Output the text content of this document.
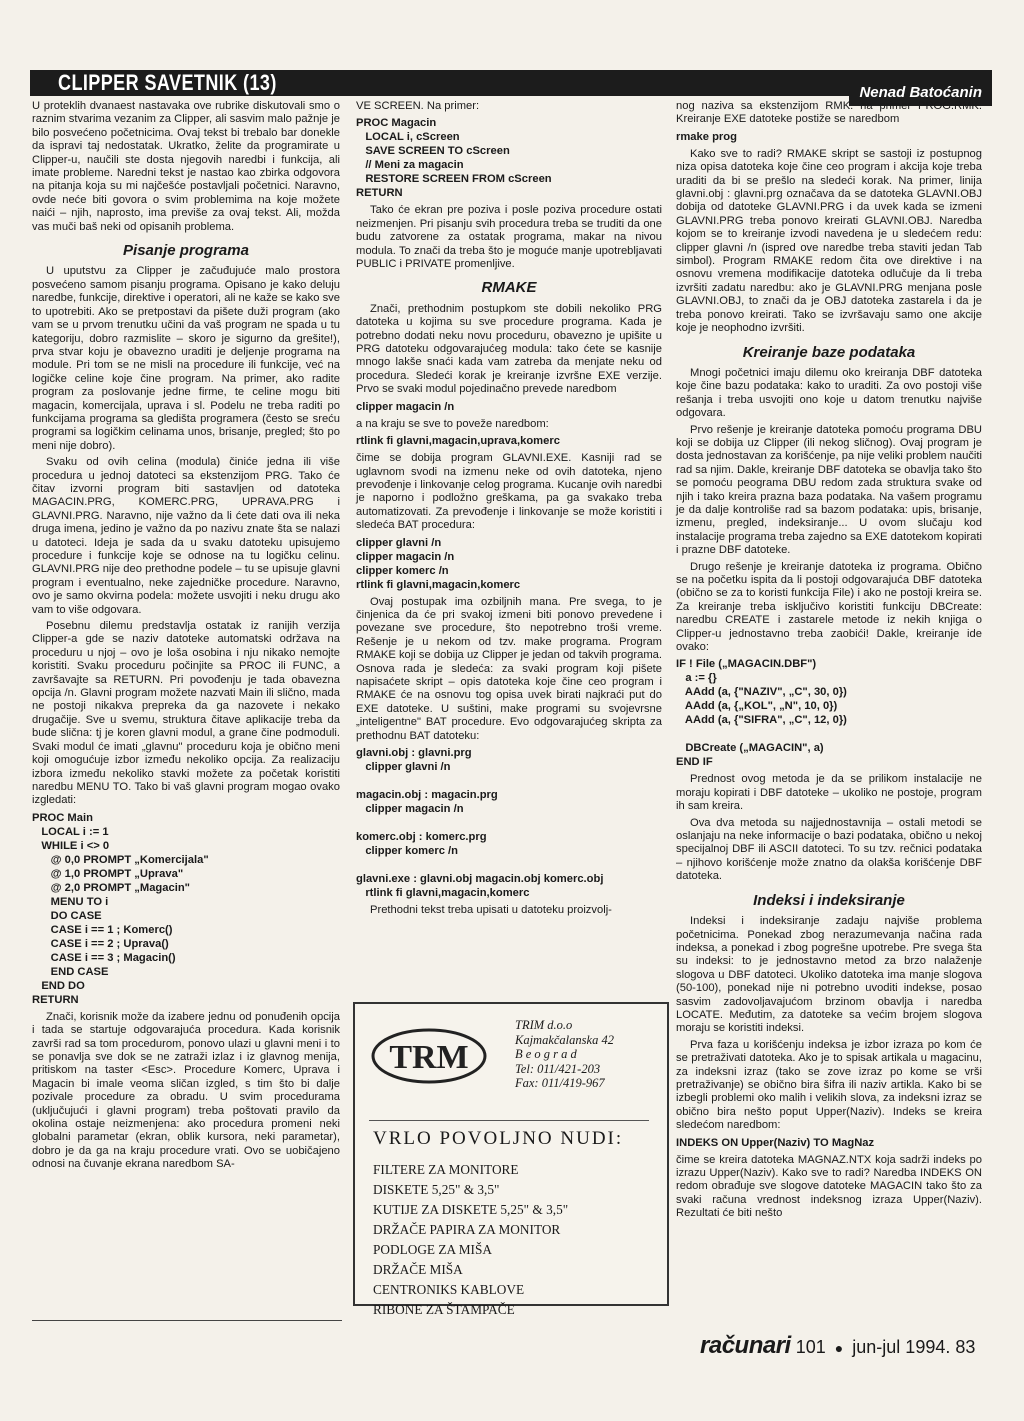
CLIPPER SAVETNIK (13)	Nenad Batoćanin

U proteklih dvanaest nastavaka ove rubrike diskutovali smo o raznim stvarima vezanim za Clipper, ali sasvim malo pažnje je bilo posvećeno početnicima. Ovaj tekst bi trebalo bar donekle da ispravi taj nedostatak. Ukratko, želite da programirate u Clipper-u, naučili ste dosta njegovih naredbi i funkcija, ali imate probleme. Naredni tekst je nastao kao zbirka odgovora na pitanja koja su mi najčešće postavljali početnici. Naravno, ovde neće biti govora o svim problemima na koje možete naići – njih, naprosto, ima previše za ovaj tekst. Ali, možda vas muči baš neki od opisanih problema.

Pisanje programa

U uputstvu za Clipper je začuđujuće malo prostora posvećeno samom pisanju programa. Opisano je kako deluju naredbe, funkcije, direktive i operatori, ali ne kaže se kako sve to upotrebiti. Ako se pretpostavi da pišete duži program (ako vam se u prvom trenutku učini da vaš program ne spada u tu kategoriju, dobro razmislite – skoro je sigurno da grešite!), prva stvar koju je obavezno uraditi je deljenje programa na module. Pri tom se ne misli na procedure ili funkcije, već na logičke celine koje čine program. Na primer, ako radite program za poslovanje jedne firme, te celine mogu biti magacin, komercijala, uprava i sl. Podelu ne treba raditi po funkcijama programa sa gledišta programera (često se sreću programi sa logičkim celinama unos, brisanje, pregled; što po meni nije dobro).

Svaku od ovih celina (modula) činiće jedna ili više procedura u jednoj datoteci sa ekstenzijom PRG. Tako će čitav izvorni program biti sastavljen od datoteka MAGACIN.PRG, KOMERC.PRG, UPRAVA.PRG i GLAVNI.PRG. Naravno, nije važno da li ćete dati ova ili neka druga imena, jedino je važno da po nazivu znate šta se nalazi u datoteci. Ideja je sada da u svaku datoteku upisujemo procedure i funkcije koje se odnose na tu logičku celinu. GLAVNI.PRG nije deo prethodne podele – tu se upisuje glavni program i eventualno, neke zajedničke procedure. Naravno, ovo je samo okvirna podela: možete usvojiti i neku drugu ako vam to više odgovara.

Posebnu dilemu predstavlja ostatak iz ranijih verzija Clipper-a gde se naziv datoteke automatski održava na proceduru u njoj – ovo je loša osobina i nju nikako nemojte koristiti. Svaku proceduru počinjite sa PROC ili FUNC, a završavajte sa RETURN. Pri povođenju je tada obavezna opcija /n. Glavni program možete nazvati Main ili slično, mada ne postoji nikakva prepreka da ga nazovete i nekako drugačije. Sve u svemu, struktura čitave aplikacije treba da bude slična: tj je koren glavni modul, a grane čine podmoduli. Svaki modul će imati „glavnu" proceduru koja je obično meni koji omogućuje izbor između nekoliko opcija. Za realizaciju izbora između nekoliko stavki možete za početak koristiti naredbu MENU TO. Tako bi vaš glavni program mogao ovako izgledati:

PROC Main
LOCAL i := 1
WHILE i <> 0
@ 0,0 PROMPT „Komercijala"
@ 1,0 PROMPT „Uprava"
@ 2,0 PROMPT „Magacin"
MENU TO i
DO CASE
CASE i == 1 ; Komerc()
CASE i == 2 ; Uprava()
CASE i == 3 ; Magacin()
END CASE
END DO
RETURN

Znači, korisnik može da izabere jednu od ponuđenih opcija i tada se startuje odgovarajuća procedura. Kada korisnik završi rad sa tom procedurom, ponovo ulazi u glavni meni i to se ponavlja sve dok se ne zatraži izlaz i iz glavnog menija, pritiskom na taster <Esc>. Procedure Komerc, Uprava i Magacin bi imale veoma sličan izgled, s tim što bi dalje pozivale procedure za obradu. U svim procedurama (uključujući i glavni program) treba poštovati pravilo da okolina ostaje neizmenjena: ako procedura promeni neki globalni parametar (ekran, oblik kursora, neki parametar), dobro je da ga na kraju procedure vrati. Ovo se uobičajeno odnosi na čuvanje ekrana naredbom SA-

VE SCREEN. Na primer:

PROC Magacin
LOCAL i, cScreen
SAVE SCREEN TO cScreen
// Meni za magacin
RESTORE SCREEN FROM cScreen
RETURN

Tako će ekran pre poziva i posle poziva procedure ostati neizmenjen. Pri pisanju svih procedura treba se truditi da one budu zatvorene za ostatak programa, makar na nivou modula. To znači da treba što je moguće manje upotrebljavati PUBLIC i PRIVATE promenljive.

RMAKE

Znači, prethodnim postupkom ste dobili nekoliko PRG datoteka u kojima su sve procedure programa. Kada je potrebno dodati neku novu proceduru, obavezno je upišite u PRG datoteku odgovarajućeg modula: tako ćete se kasnije mnogo lakše snaći kada vam zatreba da menjate neku od procedura. Sledeći korak je kreiranje izvršne EXE verzije. Prvo se svaki modul pojedinačno prevede naredbom

clipper magacin /n

a na kraju se sve to poveže naredbom:

rtlink fi glavni,magacin,uprava,komerc

čime se dobija program GLAVNI.EXE. Kasniji rad se uglavnom svodi na izmenu neke od ovih datoteka, njeno prevođenje i linkovanje celog programa. Kucanje ovih naredbi je naporno i podložno greškama, pa ga svakako treba automatizovati. Za prevođenje i linkovanje se može koristiti i sledeća BAT procedura:

clipper glavni /n
clipper magacin /n
clipper komerc /n
rtlink fi glavni,magacin,komerc

Ovaj postupak ima ozbiljnih mana. Pre svega, to je činjenica da će pri svakoj izmeni biti ponovo prevedene i povezane sve procedure, što nepotrebno troši vreme. Rešenje je u nekom od tzv. make programa. Program RMAKE koji se dobija uz Clipper je jedan od takvih programa. Osnova rada je sledeća: za svaki program koji pišete napisaćete skript – opis datoteka koje čine ceo program i RMAKE će na osnovu tog opisa uvek birati najkraći put do EXE datoteke. U suštini, make programi su svojevrsne „inteligentne" BAT procedure. Evo odgovarajućeg skripta za prethodnu BAT datoteku:

glavni.obj : glavni.prg
clipper glavni /n

magacin.obj : magacin.prg
clipper magacin /n

komerc.obj : komerc.prg
clipper komerc /n

glavni.exe : glavni.obj magacin.obj komerc.obj
rtlink fi glavni,magacin,komerc

Prethodni tekst treba upisati u datoteku proizvolj-

TRM
TRIM d.o.o
Kajmakčalanska 42
B e o g r a d
Tel: 011/421-203
Fax: 011/419-967
VRLO POVOLJNO NUDI:
FILTERE ZA MONITORE
DISKETE 5,25" & 3,5"
KUTIJE ZA DISKETE 5,25" & 3,5"
DRŽAČE PAPIRA ZA MONITOR
PODLOGE ZA MIŠA
DRŽAČE MIŠA
CENTRONIKS KABLOVE
RIBONE ZA ŠTAMPAČE

nog naziva sa ekstenzijom RMK: na primer PROG.RMK. Kreiranje EXE datoteke postiže se naredbom

rmake prog

Kako sve to radi? RMAKE skript se sastoji iz postupnog niza opisa datoteka koje čine ceo program i akcija koje treba uraditi da bi se prešlo na sledeći korak. Na primer, linija glavni.obj : glavni.prg označava da se datoteka GLAVNI.OBJ dobija od datoteke GLAVNI.PRG i da uvek kada se izmeni GLAVNI.PRG treba ponovo kreirati GLAVNI.OBJ. Naredba kojom se to kreiranje izvodi navedena je u sledećem redu: clipper glavni /n (ispred ove naredbe treba staviti jedan Tab simbol). Program RMAKE redom čita ove direktive i na osnovu vremena modifikacije datoteka odlučuje da li treba izvršiti zadatu naredbu: ako je GLAVNI.PRG menjana posle GLAVNI.OBJ, to znači da je OBJ datoteka zastarela i da je treba ponovo kreirati. Tako se izvršavaju samo one akcije koje je neophodno izvršiti.

Kreiranje baze podataka

Mnogi početnici imaju dilemu oko kreiranja DBF datoteka koje čine bazu podataka: kako to uraditi. Za ovo postoji više rešanja i treba usvojiti ono koje u datom trenutku najviše odgovara.

Prvo rešenje je kreiranje datoteka pomoću programa DBU koji se dobija uz Clipper (ili nekog sličnog). Ovaj program je dosta jednostavan za korišćenje, pa nije veliki problem naučiti rad sa njim. Dakle, kreiranje DBF datoteka se obavlja tako što se pomoću peograma DBU redom zada struktura svake od njih i tako kreira prazna baza podataka. Na vašem programu je da dalje kontroliše rad sa bazom podataka: upis, brisanje, izmenu, pregled, indeksiranje... U ovom slučaju kod instalacije programa treba zajedno sa EXE datotekom kopirati i prazne DBF datoteke.

Drugo rešenje je kreiranje datoteka iz programa. Obično se na početku ispita da li postoji odgovarajuća DBF datoteka (obično se za to koristi funkcija File) i ako ne postoji kreira se. Za kreiranje treba isključivo koristiti funkciju DBCreate: naredbu CREATE i zastarele metode iz nekih knjiga o Clipper-u jednostavno treba zaobići! Dakle, kreiranje ide ovako:

IF ! File („MAGACIN.DBF")
a := {}
AAdd (a, {"NAZIV", „C", 30, 0})
AAdd (a, {„KOL", „N", 10, 0})
AAdd (a, {"SIFRA", „C", 12, 0})

DBCreate („MAGACIN", a)
END IF

Prednost ovog metoda je da se prilikom instalacije ne moraju kopirati i DBF datoteke – ukoliko ne postoje, program ih sam kreira.

Ova dva metoda su najjednostavnija – ostali metodi se oslanjaju na neke informacije o bazi podataka, obično u nekoj specijalnoj DBF ili ASCII datoteci. To su tzv. rečnici podataka – njihovo korišćenje može znatno da olakša korišćenje DBF datoteka.

Indeksi i indeksiranje

Indeksi i indeksiranje zadaju najviše problema početnicima. Ponekad zbog nerazumevanja načina rada indeksa, a ponekad i zbog pogrešne upotrebe. Pre svega šta su indeksi: to je jednostavno metod za brzo nalaženje slogova u DBF datoteci. Ukoliko datoteka ima manje slogova (50-100), ponekad nije ni potrebno uvoditi indekse, posao sasvim zadovoljavajućom brzinom obavlja i naredba LOCATE. Međutim, za datoteke sa većim brojem slogova moraju se koristiti indeksi.

Prva faza u korišćenju indeksa je izbor izraza po kom će se pretraživati datoteka. Ako je to spisak artikala u magacinu, za indeksni izraz (tako se zove izraz po kome se vrši pretraživanje) se obično bira šifra ili naziv artikla. Kako bi se izbegli problemi oko malih i velikih slova, za indeksni izraz se obično bira nešto poput Upper(Naziv). Indeks se kreira sledećom naredbom:

INDEKS ON Upper(Naziv) TO MagNaz

čime se kreira datoteka MAGNAZ.NTX koja sadrži indeks po izrazu Upper(Naziv). Kako sve to radi? Naredba INDEKS ON redom obrađuje sve slogove datoteke MAGACIN tako što za svaki računa vrednost indeksnog izraza Upper(Naziv). Rezultati će biti nešto

računari 101 ● jun-jul 1994. 83
